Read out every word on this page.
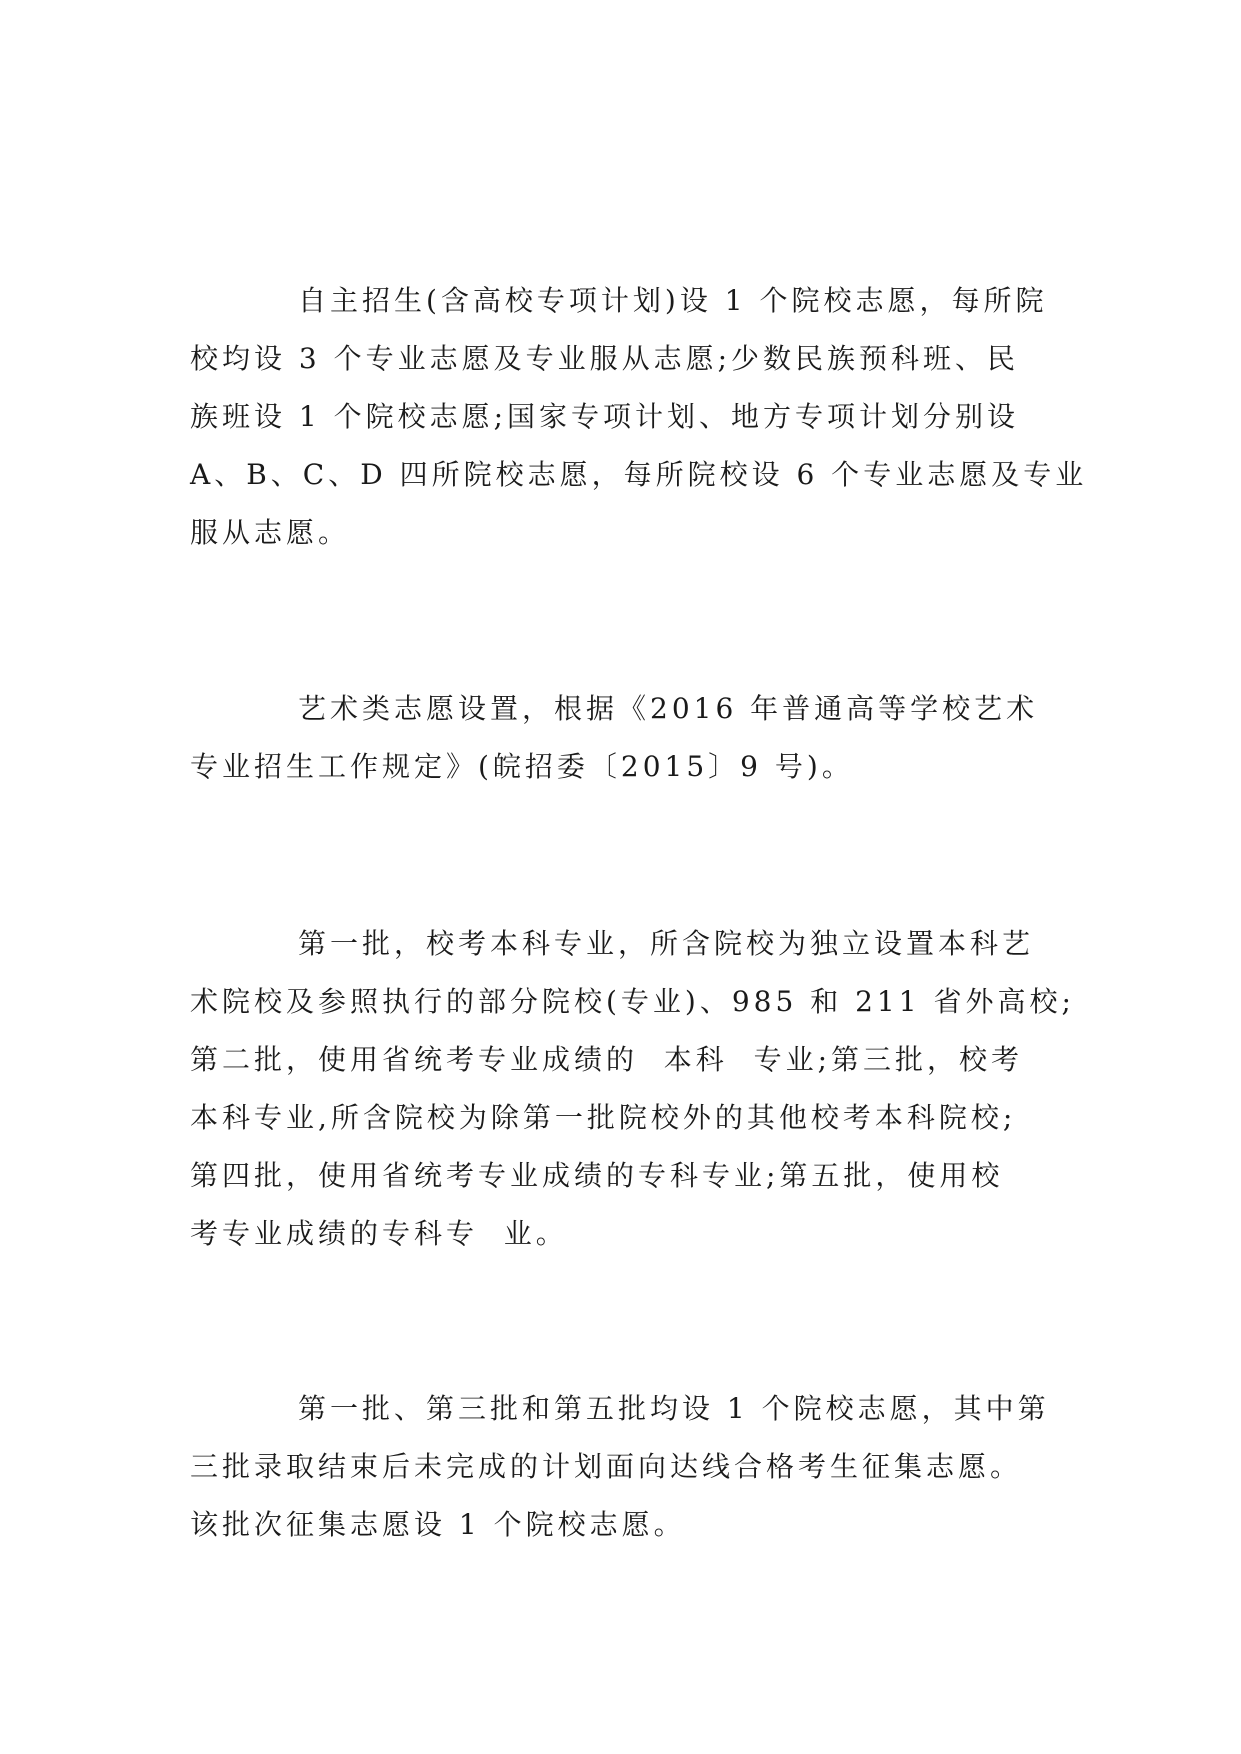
自主招生(含高校专项计划)设 1 个院校志愿，每所院
校均设 3 个专业志愿及专业服从志愿;少数民族预科班、民
族班设 1 个院校志愿;国家专项计划、地方专项计划分别设
A、B、C、D 四所院校志愿，每所院校设 6 个专业志愿及专业
服从志愿。
艺术类志愿设置，根据《2016 年普通高等学校艺术
专业招生工作规定》(皖招委〔2015〕9 号)。
第一批，校考本科专业，所含院校为独立设置本科艺
术院校及参照执行的部分院校(专业)、985 和 211 省外高校;
第二批，使用省统考专业成绩的  本科  专业;第三批，校考
本科专业,所含院校为除第一批院校外的其他校考本科院校;
第四批，使用省统考专业成绩的专科专业;第五批，使用校
考专业成绩的专科专  业。
第一批、第三批和第五批均设 1 个院校志愿，其中第
三批录取结束后未完成的计划面向达线合格考生征集志愿。
该批次征集志愿设 1 个院校志愿。
